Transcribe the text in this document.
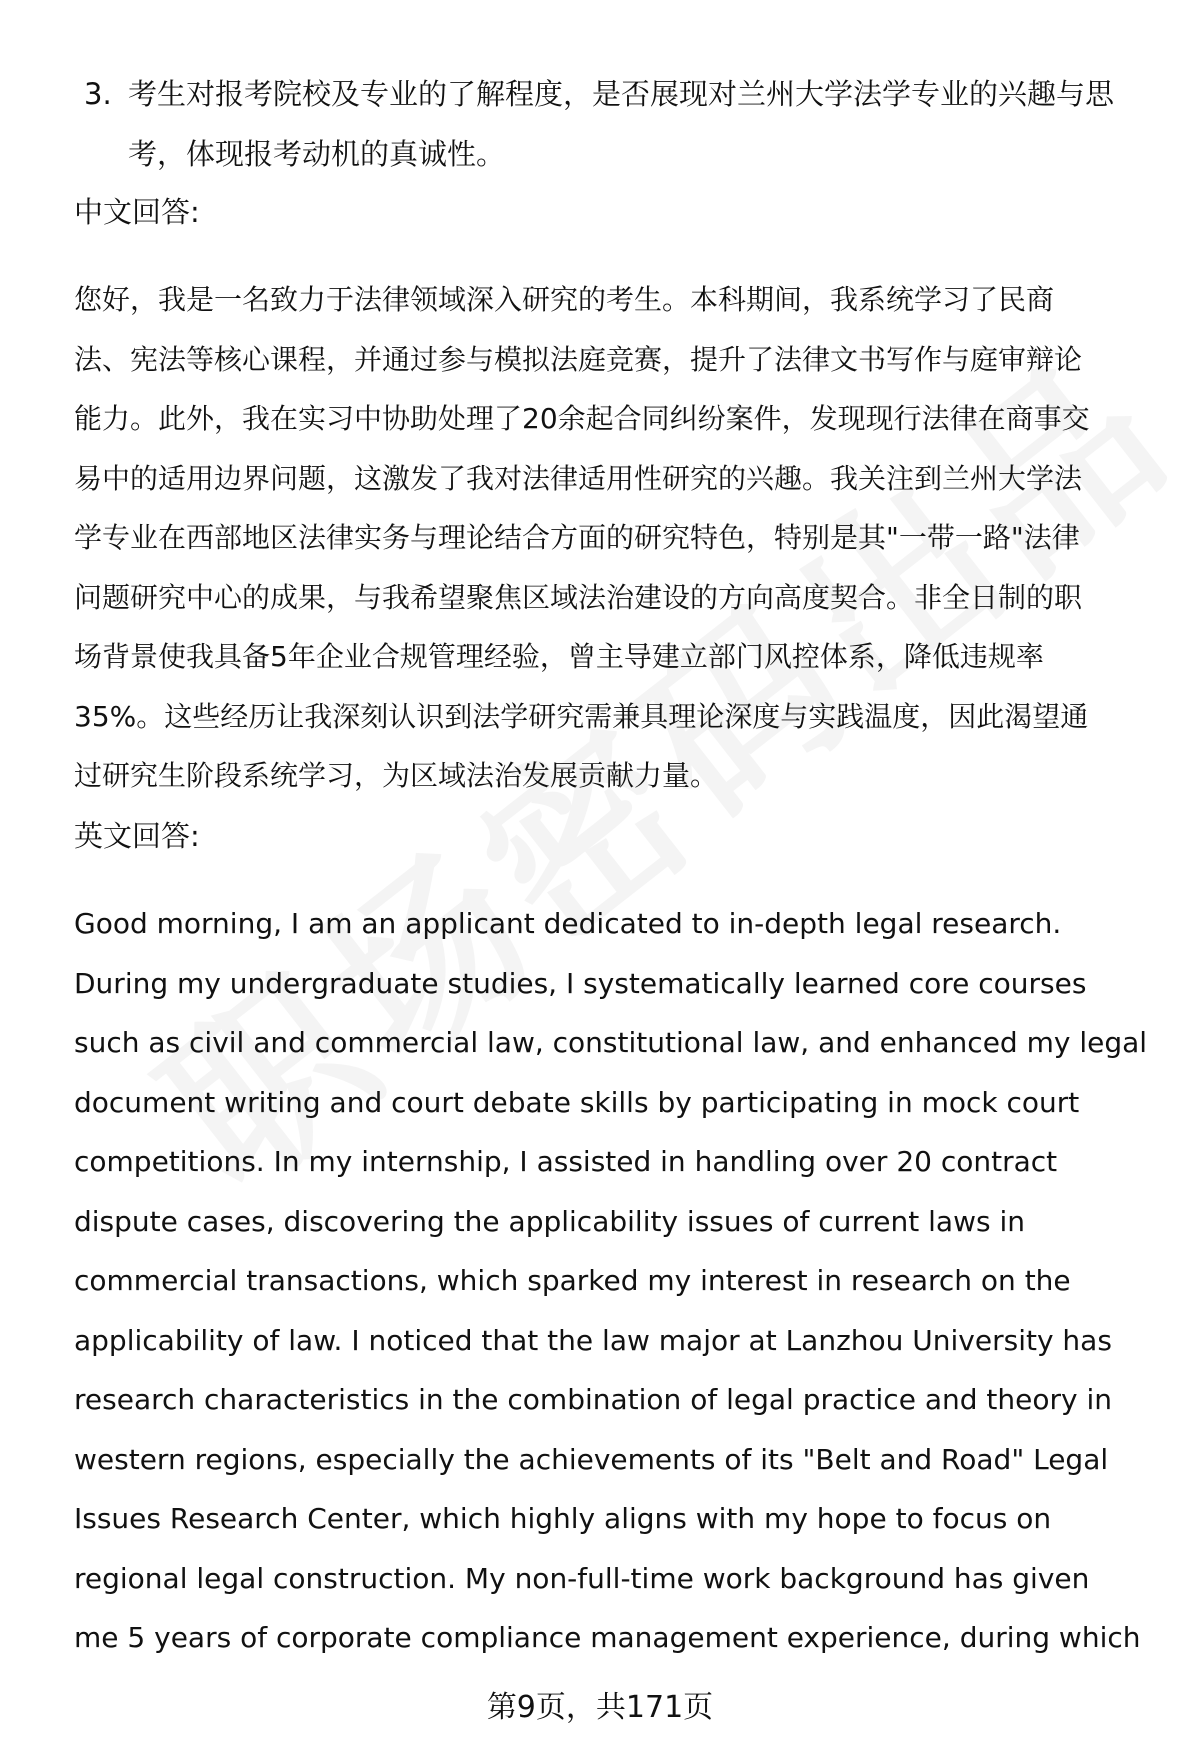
3. 考生对报考院校及专业的了解程度，是否展现对兰州大学法学专业的兴趣与思
考，体现报考动机的真诚性。
中文回答:
您好，我是一名致力于法律领域深入研究的考生。本科期间，我系统学习了民商
法、宪法等核心课程，并通过参与模拟法庭竞赛，提升了法律文书写作与庭审辩论
能力。此外，我在实习中协助处理了20余起合同纠纷案件，发现现行法律在商事交
易中的适用边界问题，这激发了我对法律适用性研究的兴趣。我关注到兰州大学法
学专业在西部地区法律实务与理论结合方面的研究特色，特别是其"一带一路"法律
问题研究中心的成果，与我希望聚焦区域法治建设的方向高度契合。非全日制的职
场背景使我具备5年企业合规管理经验，曾主导建立部门风控体系，降低违规率
35%。这些经历让我深刻认识到法学研究需兼具理论深度与实践温度，因此渴望通
过研究生阶段系统学习，为区域法治发展贡献力量。
英文回答:
Good morning, I am an applicant dedicated to in-depth legal research.
During my undergraduate studies, I systematically learned core courses
such as civil and commercial law, constitutional law, and enhanced my legal
document writing and court debate skills by participating in mock court
competitions. In my internship, I assisted in handling over 20 contract
dispute cases, discovering the applicability issues of current laws in
commercial transactions, which sparked my interest in research on the
applicability of law. I noticed that the law major at Lanzhou University has
research characteristics in the combination of legal practice and theory in
western regions, especially the achievements of its "Belt and Road" Legal
Issues Research Center, which highly aligns with my hope to focus on
regional legal construction. My non-full-time work background has given
me 5 years of corporate compliance management experience, during which
第9页，共171页
